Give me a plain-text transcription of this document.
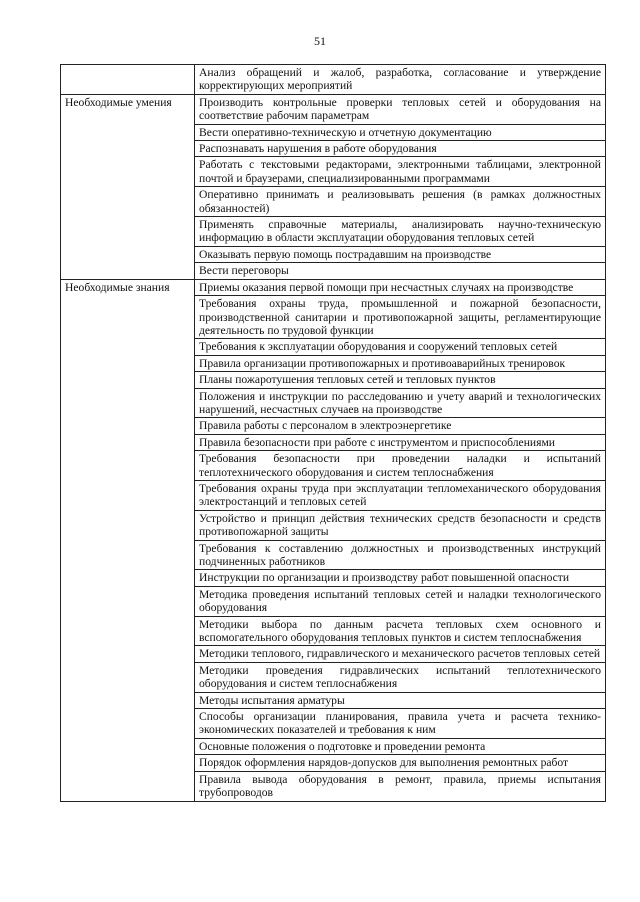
51
	Анализ обращений и жалоб, разработка, согласование и утверждение корректирующих мероприятий
Необходимые умения	Производить контрольные проверки тепловых сетей и оборудования на соответствие рабочим параметрам
	Вести оперативно-техническую и отчетную документацию
	Распознавать нарушения в работе оборудования
	Работать с текстовыми редакторами, электронными таблицами, электронной почтой и браузерами, специализированными программами
	Оперативно принимать и реализовывать решения (в рамках должностных обязанностей)
	Применять справочные материалы, анализировать научно-техническую информацию в области эксплуатации оборудования тепловых сетей
	Оказывать первую помощь пострадавшим на производстве
	Вести переговоры
Необходимые знания	Приемы оказания первой помощи при несчастных случаях на производстве
	Требования охраны труда, промышленной и пожарной безопасности, производственной санитарии и противопожарной защиты, регламентирующие деятельность по трудовой функции
	Требования к эксплуатации оборудования и сооружений тепловых сетей
	Правила организации противопожарных и противоаварийных тренировок
	Планы пожаротушения тепловых сетей и тепловых пунктов
	Положения и инструкции по расследованию и учету аварий и технологических нарушений, несчастных случаев на производстве
	Правила работы с персоналом в электроэнергетике
	Правила безопасности при работе с инструментом и приспособлениями
	Требования безопасности при проведении наладки и испытаний теплотехнического оборудования и систем теплоснабжения
	Требования охраны труда при эксплуатации тепломеханического оборудования электростанций и тепловых сетей
	Устройство и принцип действия технических средств безопасности и средств противопожарной защиты
	Требования к составлению должностных и производственных инструкций подчиненных работников
	Инструкции по организации и производству работ повышенной опасности
	Методика проведения испытаний тепловых сетей и наладки технологического оборудования
	Методики выбора по данным расчета тепловых схем основного и вспомогательного оборудования тепловых пунктов и систем теплоснабжения
	Методики теплового, гидравлического и механического расчетов тепловых сетей
	Методики проведения гидравлических испытаний теплотехнического оборудования и систем теплоснабжения
	Методы испытания арматуры
	Способы организации планирования, правила учета и расчета технико-экономических показателей и требования к ним
	Основные положения о подготовке и проведении ремонта
	Порядок оформления нарядов-допусков для выполнения ремонтных работ
	Правила вывода оборудования в ремонт, правила, приемы испытания трубопроводов
